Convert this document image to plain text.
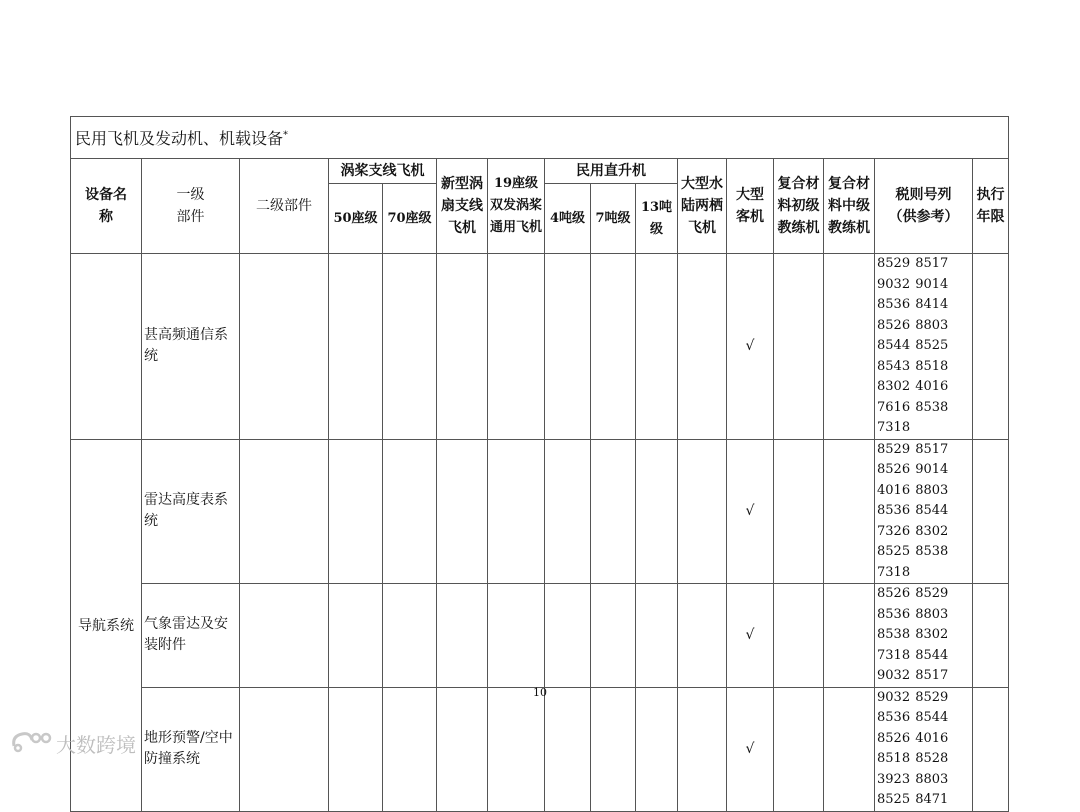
民用飞机及发动机、机载设备*

设备名称	一级部件	二级部件	涡桨支线飞机		新型涡扇支线飞机	19座级双发涡桨通用飞机	民用直升机			大型水陆两栖飞机	大型客机	复合材料初级教练机	复合材料中级教练机	税则号列（供参考）	执行年限

			50座级	70座级			4吨级	7吨级	13吨级						

	甚高频通信系统										√			8529 8517 9032 9014 8536 8414 8526 8803 8544 8525 8543 8518 8302 4016 7616 8538 7318	
导航系统	雷达高度表系统										√			8529 8517 8526 9014 4016 8803 8536 8544 7326 8302 8525 8538 7318	
	气象雷达及安装附件										√			8526 8529 8536 8803 8538 8302 7318 8544 9032 8517	
	地形预警/空中防撞系统										√			9032 8529 8536 8544 8526 4016 8518 8528 3923 8803 8525 8471	
10
大数跨境
